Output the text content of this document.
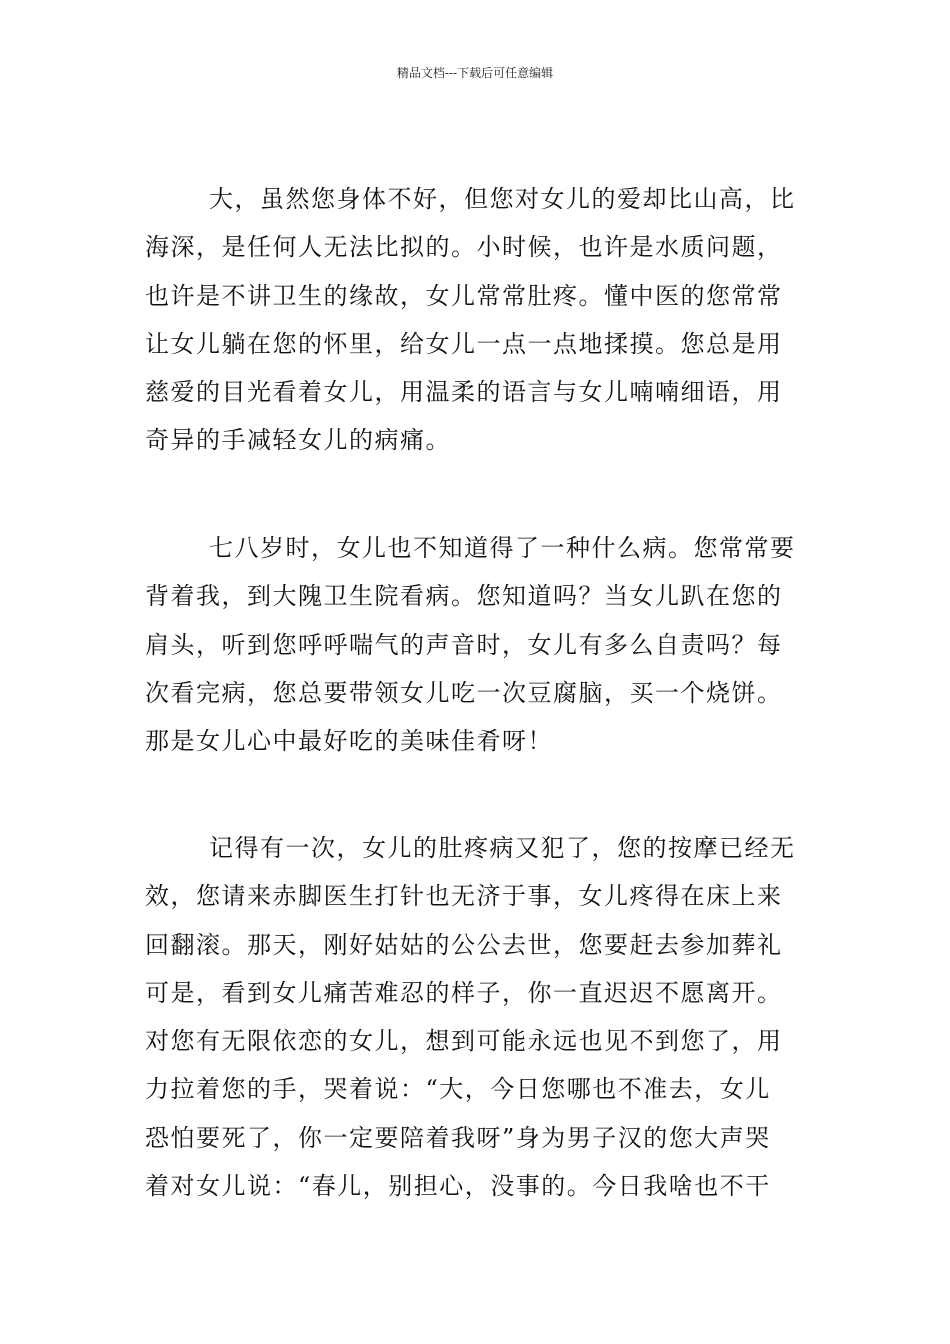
精品文档---下载后可任意编辑
大，虽然您身体不好，但您对女儿的爱却比山高，比
海深，是任何人无法比拟的。小时候，也许是水质问题，
也许是不讲卫生的缘故，女儿常常肚疼。懂中医的您常常
让女儿躺在您的怀里，给女儿一点一点地揉摸。您总是用
慈爱的目光看着女儿，用温柔的语言与女儿喃喃细语，用
奇异的手减轻女儿的病痛。
七八岁时，女儿也不知道得了一种什么病。您常常要
背着我，到大隗卫生院看病。您知道吗？当女儿趴在您的
肩头，听到您呼呼喘气的声音时，女儿有多么自责吗？每
次看完病，您总要带领女儿吃一次豆腐脑，买一个烧饼。
那是女儿心中最好吃的美味佳肴呀！
记得有一次，女儿的肚疼病又犯了，您的按摩已经无
效，您请来赤脚医生打针也无济于事，女儿疼得在床上来
回翻滚。那天，刚好姑姑的公公去世，您要赶去参加葬礼
可是，看到女儿痛苦难忍的样子，你一直迟迟不愿离开。
对您有无限依恋的女儿，想到可能永远也见不到您了，用
力拉着您的手，哭着说：“大，今日您哪也不准去，女儿
恐怕要死了，你一定要陪着我呀”身为男子汉的您大声哭
着对女儿说：“春儿，别担心，没事的。今日我啥也不干
